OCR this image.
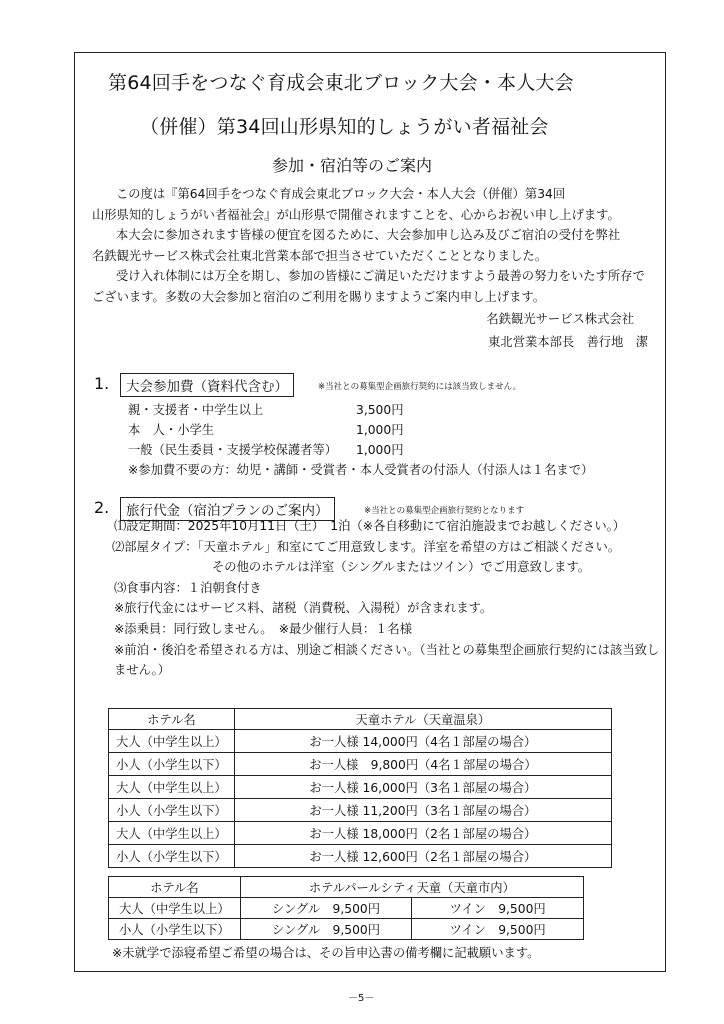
第64回手をつなぐ育成会東北ブロック大会・本人大会
（併催）第34回山形県知的しょうがい者福祉会
参加・宿泊等のご案内
この度は『第64回手をつなぐ育成会東北ブロック大会・本人大会（併催）第34回
山形県知的しょうがい者福祉会』が山形県で開催されますことを、心からお祝い申し上げます。
本大会に参加されます皆様の便宜を図るために、大会参加申し込み及びご宿泊の受付を弊社
名鉄観光サービス株式会社東北営業本部で担当させていただくこととなりました。
受け入れ体制には万全を期し、参加の皆様にご満足いただけますよう最善の努力をいたす所存で
ございます。多数の大会参加と宿泊のご利用を賜りますようご案内申し上げます。
名鉄観光サービス株式会社
東北営業本部長　善行地　潔
1.	大会参加費（資料代含む）	※当社との募集型企画旅行契約には該当致しません。
親・支援者・中学生以上	3,500円
本　人・小学生	1,000円
一般（民生委員・支援学校保護者等） 1,000円
※参加費不要の方：幼児・講師・受賞者・本人受賞者の付添人（付添人は１名まで）
2.	旅行代金（宿泊プランのご案内）	※当社との募集型企画旅行契約となります
⑴設定期間：2025年10月11日（土）　1泊（※各自移動にて宿泊施設までお越しください。）
⑵部屋タイプ：「天童ホテル」和室にてご用意致します。洋室を希望の方はご相談ください。
その他のホテルは洋室（シングルまたはツイン）でご用意致します。
⑶食事内容：１泊朝食付き
※旅行代金にはサービス料、諸税（消費税、入湯税）が含まれます。
※添乗員：同行致しません。　※最少催行人員：１名様
※前泊・後泊を希望される方は、別途ご相談ください。（当社との募集型企画旅行契約には該当致し
ません。）
ホテル名	天童ホテル（天童温泉）
大人（中学生以上）	お一人様 14,000円（4名１部屋の場合）
小人（小学生以下）	お一人様　9,800円（4名１部屋の場合）
大人（中学生以上）	お一人様 16,000円（3名１部屋の場合）
小人（小学生以下）	お一人様 11,200円（3名１部屋の場合）
大人（中学生以上）	お一人様 18,000円（2名１部屋の場合）
小人（小学生以下）	お一人様 12,600円（2名１部屋の場合）
ホテル名	ホテルパールシティ天童（天童市内）	
大人（中学生以上）	シングル　9,500円	ツイン　9,500円
小人（小学生以下）	シングル　9,500円	ツイン　9,500円
※未就学で添寝希望ご希望の場合は、その旨申込書の備考欄に記載願います。
－5－
